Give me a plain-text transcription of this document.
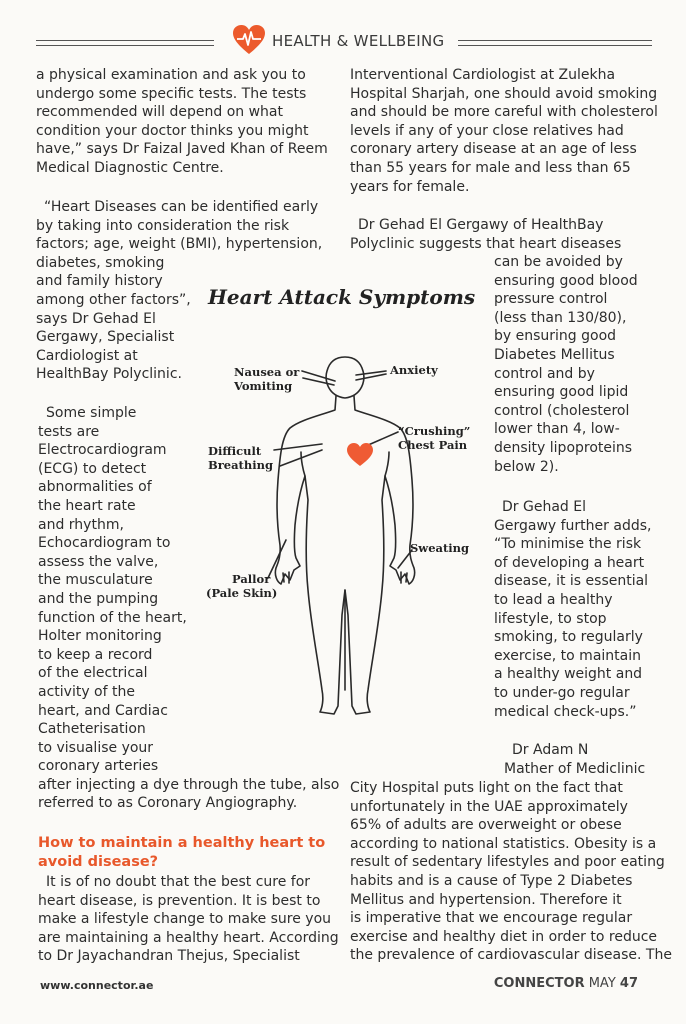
HEALTH & WELLBEING

a physical examination and ask you to
undergo some specific tests. The tests
recommended will depend on what
condition your doctor thinks you might
have,” says Dr Faizal Javed Khan of Reem
Medical Diagnostic Centre.

“Heart Diseases can be identified early
by taking into consideration the risk
factors; age, weight (BMI), hypertension,
diabetes, smoking
and family history
among other factors”,
says Dr Gehad El
Gergawy, Specialist
Cardiologist at
HealthBay Polyclinic.

Some simple
tests are
Electrocardiogram
(ECG) to detect
abnormalities of
the heart rate
and rhythm,
Echocardiogram to
assess the valve,
the musculature
and the pumping
function of the heart,
Holter monitoring
to keep a record
of the electrical
activity of the
heart, and Cardiac
Catheterisation
to visualise your
coronary arteries
after injecting a dye through the tube, also
referred to as Coronary Angiography.

How to maintain a healthy heart to
avoid disease?

It is of no doubt that the best cure for
heart disease, is prevention. It is best to
make a lifestyle change to make sure you
are maintaining a healthy heart. According
to Dr Jayachandran Thejus, Specialist

Interventional Cardiologist at Zulekha
Hospital Sharjah, one should avoid smoking
and should be more careful with cholesterol
levels if any of your close relatives had
coronary artery disease at an age of less
than 55 years for male and less than 65
years for female.

Dr Gehad El Gergawy of HealthBay
Polyclinic suggests that heart diseases

can be avoided by
ensuring good blood
pressure control
(less than 130/80),
by ensuring good
Diabetes Mellitus
control and by
ensuring good lipid
control (cholesterol
lower than 4, low-
density lipoproteins
below 2).

Dr Gehad El
Gergawy further adds,
“To minimise the risk
of developing a heart
disease, it is essential
to lead a healthy
lifestyle, to stop
smoking, to regularly
exercise, to maintain
a healthy weight and
to under-go regular
medical check-ups.”

Dr Adam N
Mather of Mediclinic

City Hospital puts light on the fact that
unfortunately in the UAE approximately
65% of adults are overweight or obese
according to national statistics. Obesity is a
result of sedentary lifestyles and poor eating
habits and is a cause of Type 2 Diabetes
Mellitus and hypertension. Therefore it
is imperative that we encourage regular
exercise and healthy diet in order to reduce
the prevalence of cardiovascular disease. The

Heart Attack Symptoms
Nausea or
Vomiting
Anxiety
“Crushing”
Chest Pain
Difficult
Breathing
Sweating
Pallor
(Pale Skin)
www.connector.ae	CONNECTOR MAY 47
